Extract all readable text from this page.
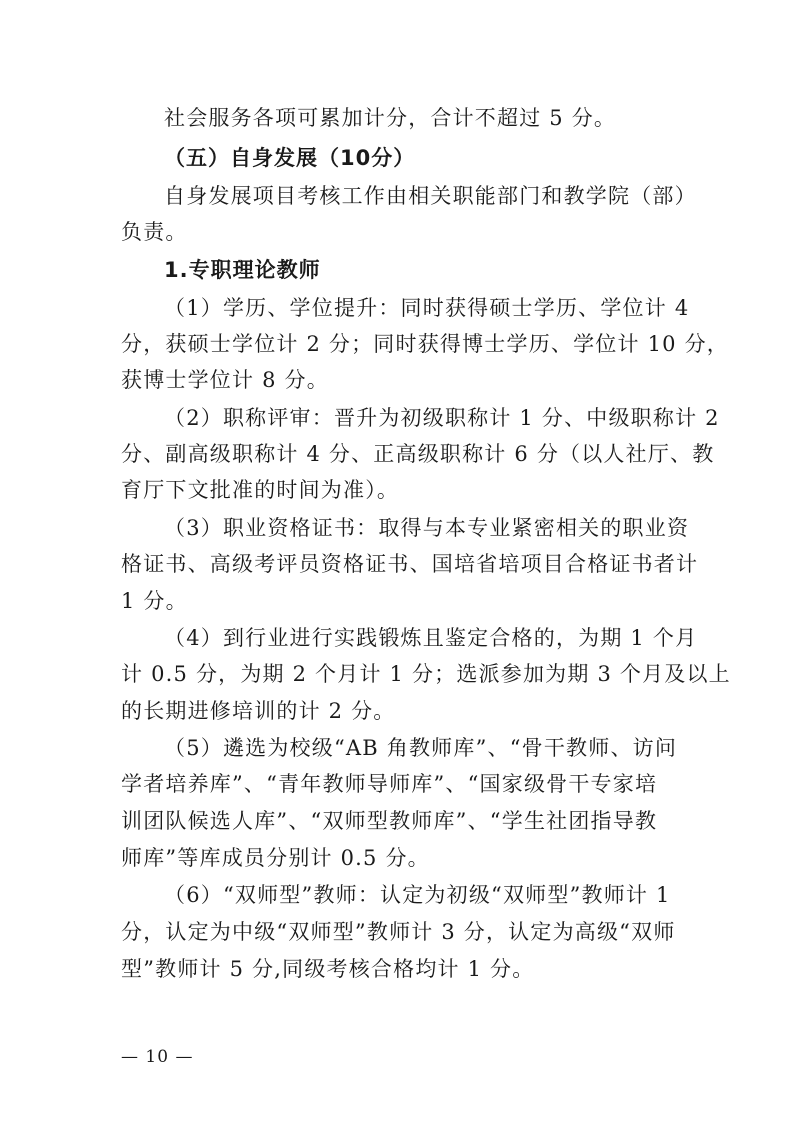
社会服务各项可累加计分，合计不超过 5 分。
（五）自身发展（10分）
自身发展项目考核工作由相关职能部门和教学院（部）
负责。
1.专职理论教师
（1）学历、学位提升：同时获得硕士学历、学位计 4
分，获硕士学位计 2 分；同时获得博士学历、学位计 10 分，
获博士学位计 8 分。
（2）职称评审：晋升为初级职称计 1 分、中级职称计 2
分、副高级职称计 4 分、正高级职称计 6 分（以人社厅、教
育厅下文批准的时间为准）。
（3）职业资格证书：取得与本专业紧密相关的职业资
格证书、高级考评员资格证书、国培省培项目合格证书者计
1 分。
（4）到行业进行实践锻炼且鉴定合格的，为期 1 个月
计 0.5 分，为期 2 个月计 1 分；选派参加为期 3 个月及以上
的长期进修培训的计 2 分。
（5）遴选为校级“AB 角教师库”、“骨干教师、访问
学者培养库”、“青年教师导师库”、“国家级骨干专家培
训团队候选人库”、“双师型教师库”、“学生社团指导教
师库”等库成员分别计 0.5 分。
（6）“双师型”教师：认定为初级“双师型”教师计 1
分，认定为中级“双师型”教师计 3 分，认定为高级“双师
型”教师计 5 分,同级考核合格均计 1 分。
— 10 —
